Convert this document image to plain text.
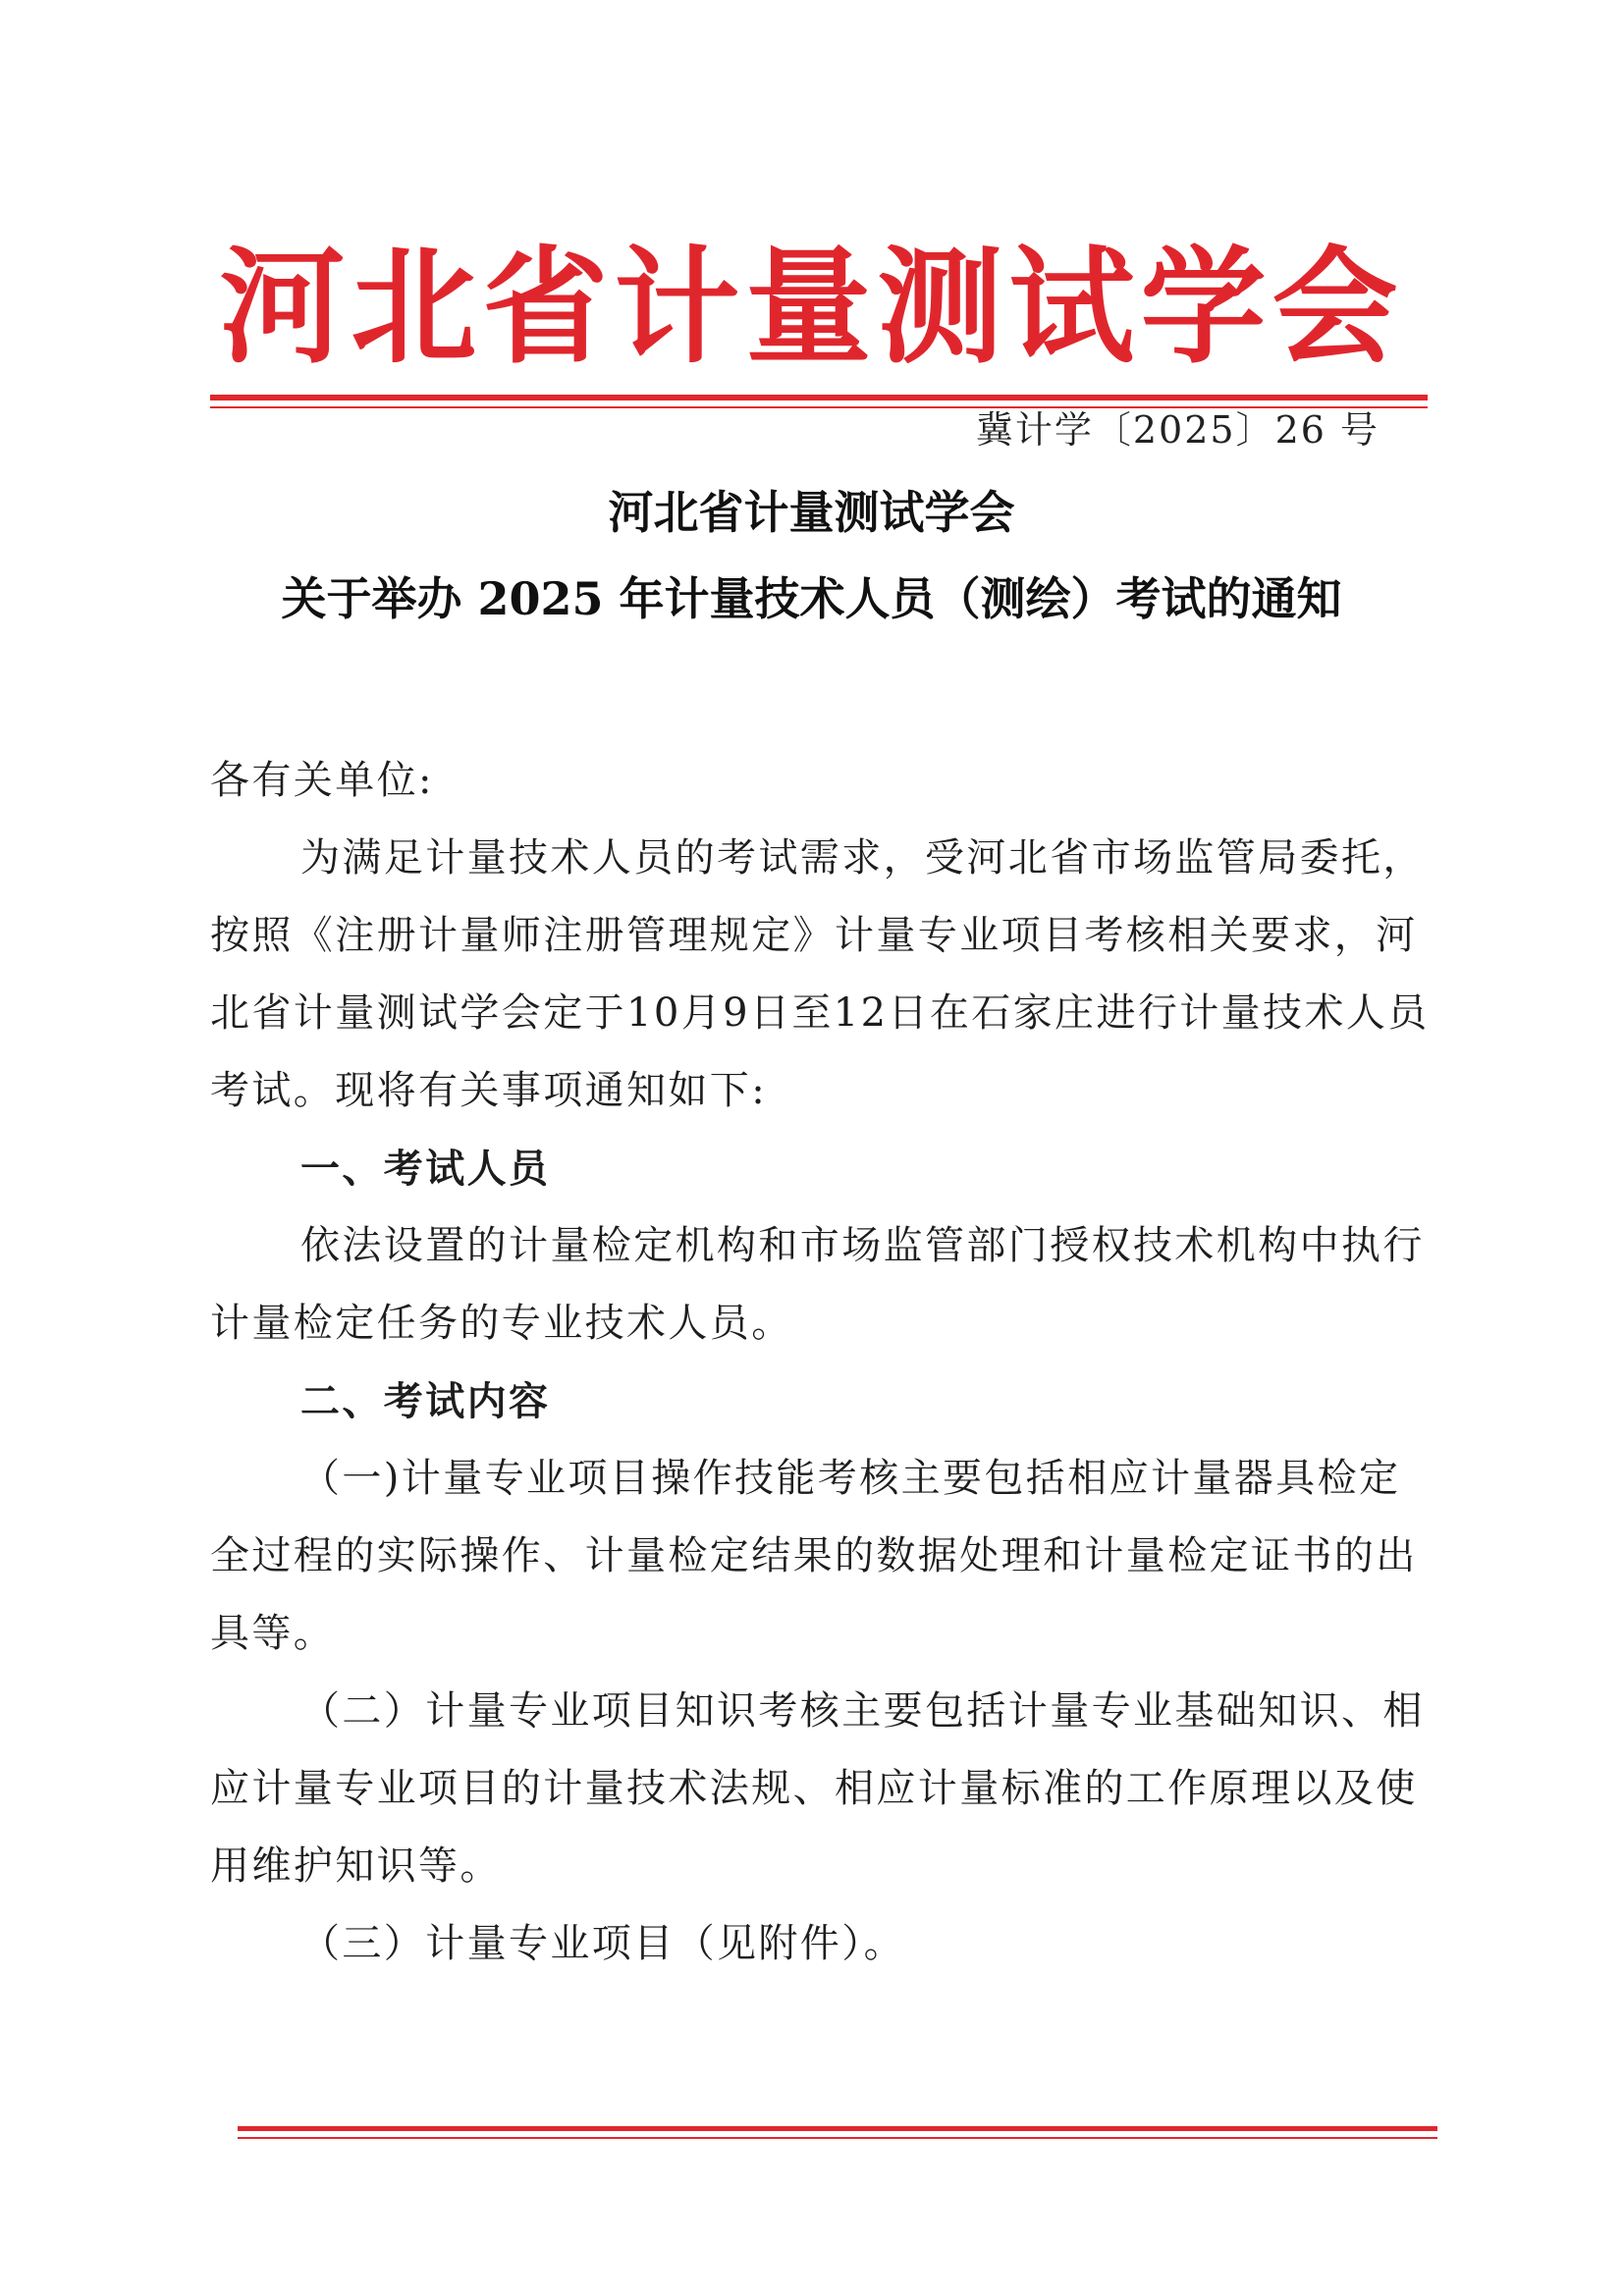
河北省计量测试学会
冀计学〔2025〕26 号
河北省计量测试学会
关于举办 2025 年计量技术人员（测绘）考试的通知

各有关单位:

为满足计量技术人员的考试需求，受河北省市场监管局委托，按照《注册计量师注册管理规定》计量专业项目考核相关要求，河北省计量测试学会定于10月9日至12日在石家庄进行计量技术人员考试。现将有关事项通知如下:

一、考试人员

依法设置的计量检定机构和市场监管部门授权技术机构中执行计量检定任务的专业技术人员。

二、考试内容

（一)计量专业项目操作技能考核主要包括相应计量器具检定全过程的实际操作、计量检定结果的数据处理和计量检定证书的出具等。

（二）计量专业项目知识考核主要包括计量专业基础知识、相应计量专业项目的计量技术法规、相应计量标准的工作原理以及使用维护知识等。

（三）计量专业项目（见附件）。
